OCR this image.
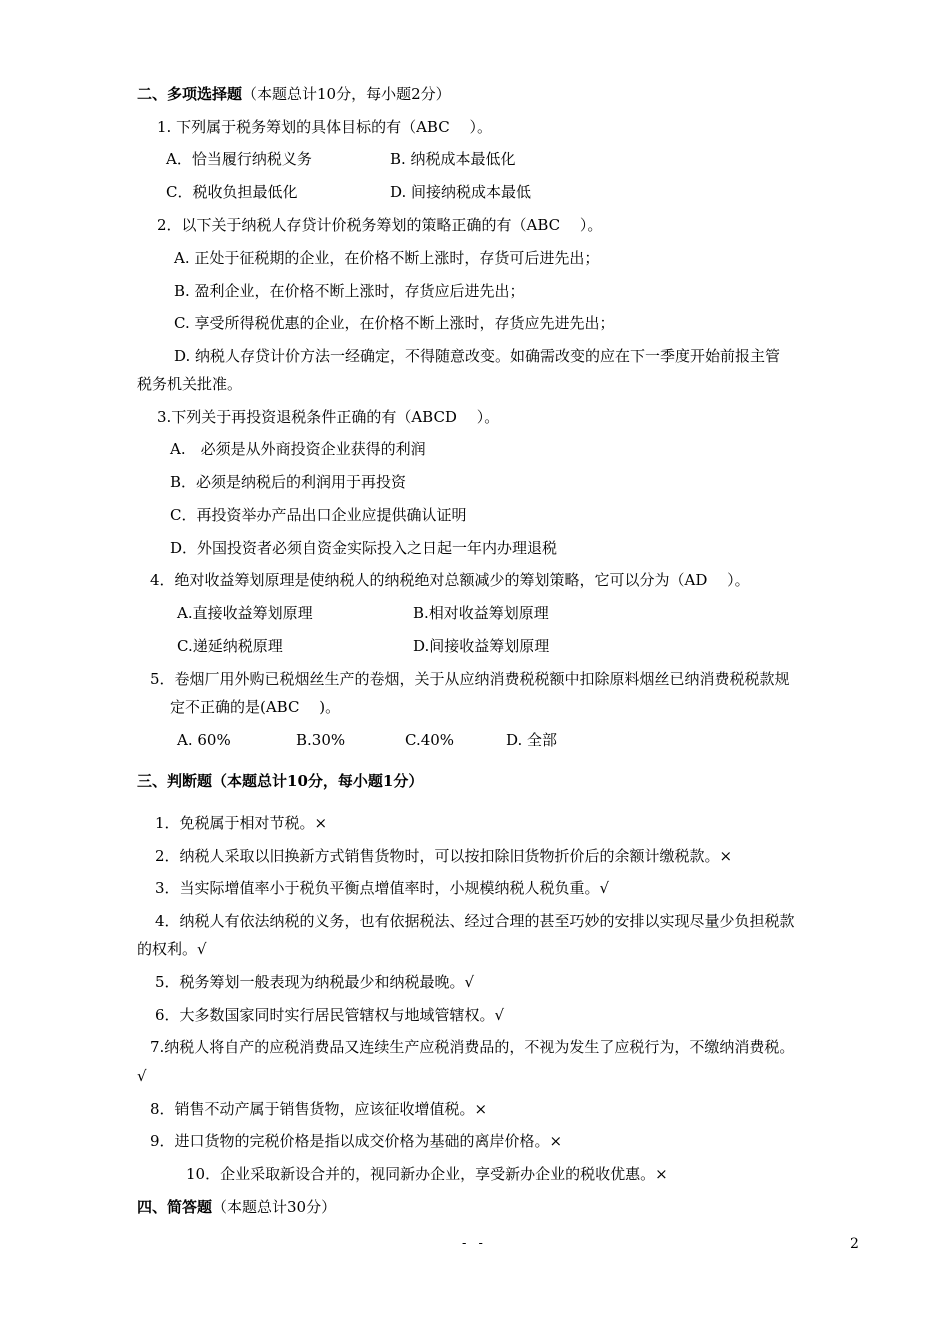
二、多项选择题（本题总计10分，每小题2分）
1. 下列属于税务筹划的具体目标的有（ABC　 ）。
A．恰当履行纳税义务	B. 纳税成本最低化
C．税收负担最低化	D. 间接纳税成本最低
2．以下关于纳税人存贷计价税务筹划的策略正确的有（ABC　 ）。
A. 正处于征税期的企业，在价格不断上涨时，存货可后进先出；
B. 盈利企业，在价格不断上涨时，存货应后进先出；
C. 享受所得税优惠的企业，在价格不断上涨时，存货应先进先出；
D. 纳税人存贷计价方法一经确定，不得随意改变。如确需改变的应在下一季度开始前报主管
税务机关批准。
3.下列关于再投资退税条件正确的有（ABCD　 ）。
A.　必须是从外商投资企业获得的利润
B．必须是纳税后的利润用于再投资
C．再投资举办产品出口企业应提供确认证明
D．外国投资者必须自资金实际投入之日起一年内办理退税
4．绝对收益筹划原理是使纳税人的纳税绝对总额减少的筹划策略，它可以分为（AD　 ）。
A.直接收益筹划原理	B.相对收益筹划原理
C.递延纳税原理	D.间接收益筹划原理
5．卷烟厂用外购已税烟丝生产的卷烟，关于从应纳消费税税额中扣除原料烟丝已纳消费税税款规
定不正确的是(ABC　 )。
A. 60%	B.30%	C.40%	D. 全部
三、判断题（本题总计10分，每小题1分）
1．免税属于相对节税。×
2．纳税人采取以旧换新方式销售货物时，可以按扣除旧货物折价后的余额计缴税款。×
3．当实际增值率小于税负平衡点增值率时，小规模纳税人税负重。√
4．纳税人有依法纳税的义务，也有依据税法、经过合理的甚至巧妙的安排以实现尽量少负担税款
的权利。√
5．税务筹划一般表现为纳税最少和纳税最晚。√
6．大多数国家同时实行居民管辖权与地域管辖权。√
7.纳税人将自产的应税消费品又连续生产应税消费品的，不视为发生了应税行为，不缴纳消费税。
√
8．销售不动产属于销售货物，应该征收增值税。×
9．进口货物的完税价格是指以成交价格为基础的离岸价格。×
10．企业采取新设合并的，视同新办企业，享受新办企业的税收优惠。×
四、简答题（本题总计30分）
- -	2
